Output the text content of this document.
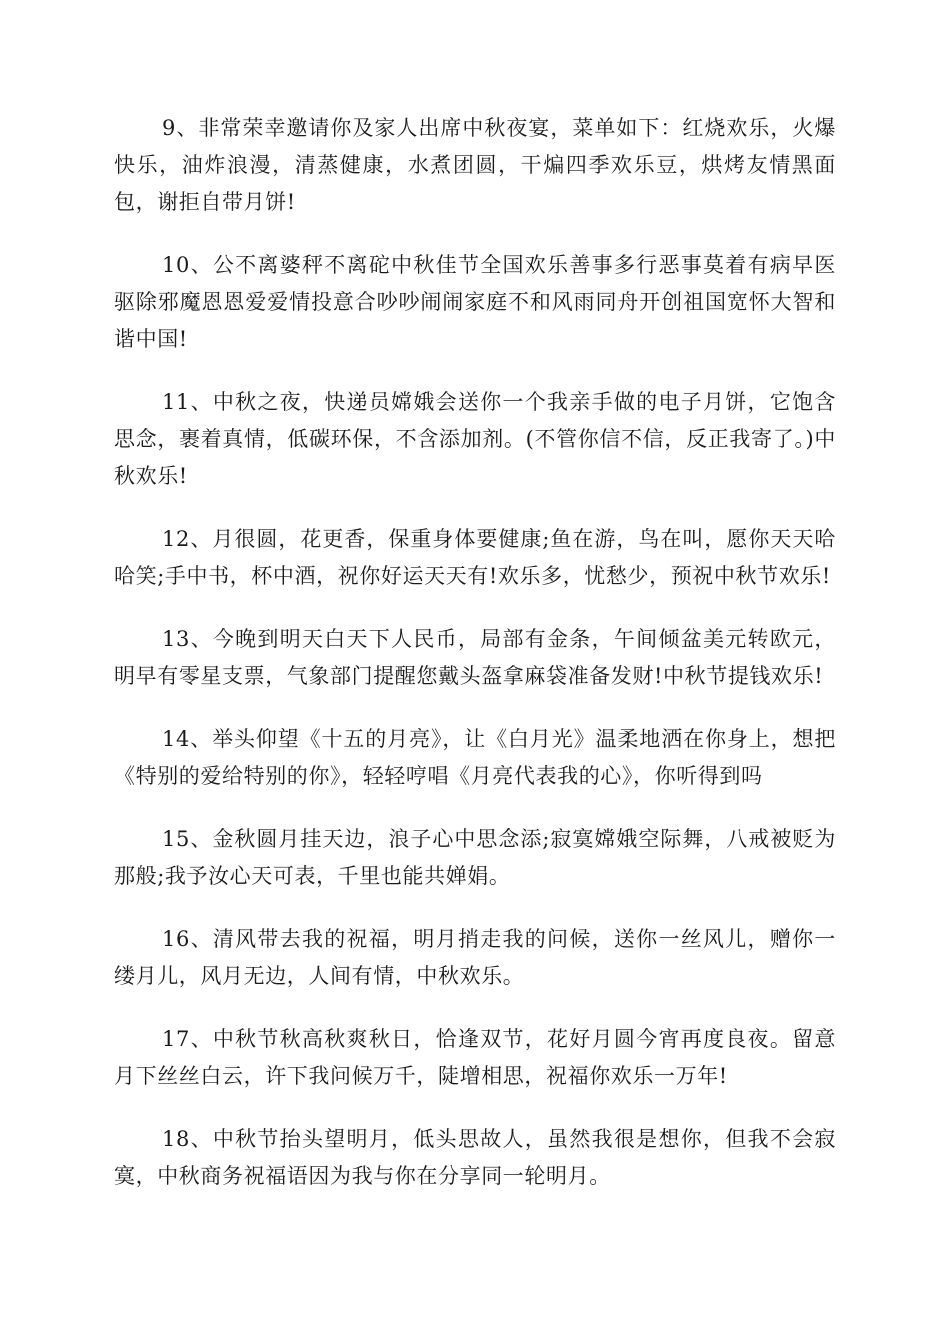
9、非常荣幸邀请你及家人出席中秋夜宴，菜单如下：红烧欢乐，火爆快乐，油炸浪漫，清蒸健康，水煮团圆，干煸四季欢乐豆，烘烤友情黑面包，谢拒自带月饼!

10、公不离婆秤不离砣中秋佳节全国欢乐善事多行恶事莫着有病早医驱除邪魔恩恩爱爱情投意合吵吵闹闹家庭不和风雨同舟开创祖国宽怀大智和谐中国!

11、中秋之夜，快递员嫦娥会送你一个我亲手做的电子月饼，它饱含思念，裹着真情，低碳环保，不含添加剂。(不管你信不信，反正我寄了。)中秋欢乐!

12、月很圆，花更香，保重身体要健康;鱼在游，鸟在叫，愿你天天哈哈笑;手中书，杯中酒，祝你好运天天有!欢乐多，忧愁少，预祝中秋节欢乐!

13、今晚到明天白天下人民币，局部有金条，午间倾盆美元转欧元，明早有零星支票，气象部门提醒您戴头盔拿麻袋准备发财!中秋节提钱欢乐!

14、举头仰望《十五的月亮》，让《白月光》温柔地洒在你身上，想把《特别的爱给特别的你》，轻轻哼唱《月亮代表我的心》，你听得到吗

15、金秋圆月挂天边，浪子心中思念添;寂寞嫦娥空际舞，八戒被贬为那般;我予汝心天可表，千里也能共婵娟。

16、清风带去我的祝福，明月捎走我的问候，送你一丝风儿，赠你一缕月儿，风月无边，人间有情，中秋欢乐。

17、中秋节秋高秋爽秋日，恰逢双节，花好月圆今宵再度良夜。留意月下丝丝白云，许下我问候万千，陡增相思，祝福你欢乐一万年!

18、中秋节抬头望明月，低头思故人，虽然我很是想你，但我不会寂寞，中秋商务祝福语因为我与你在分享同一轮明月。
